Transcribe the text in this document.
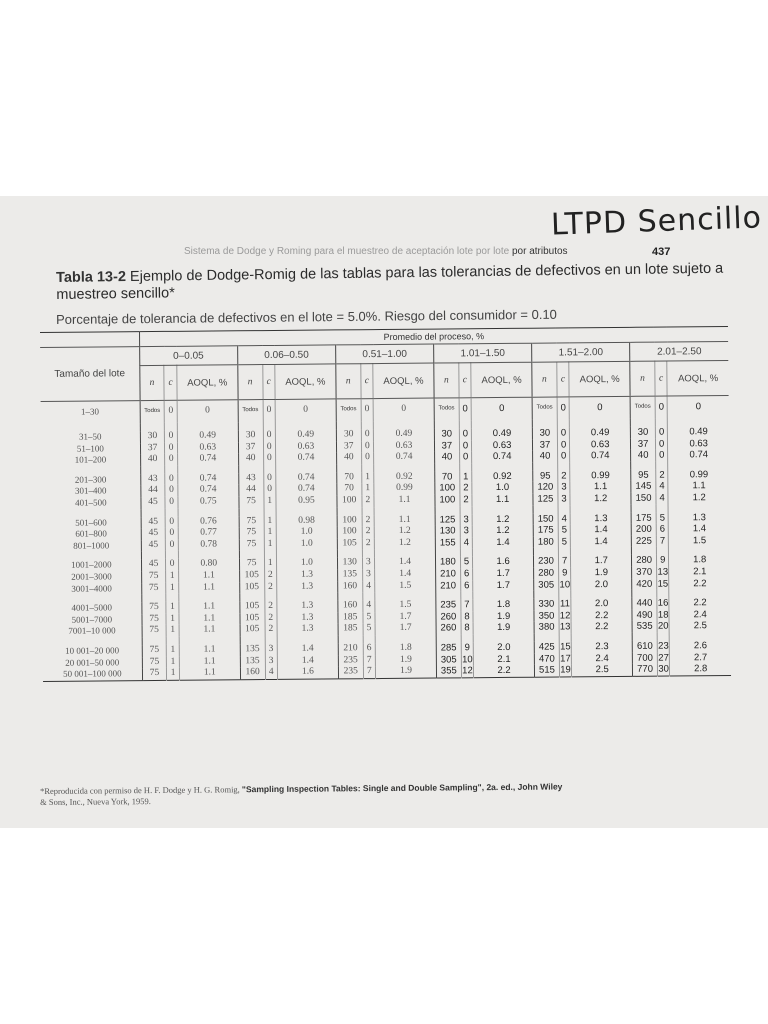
LTPD Sencillo
Sistema de Dodge y Roming para el muestreo de aceptación lote por lote por atributos	437
Tabla 13-2 Ejemplo de Dodge-Romig de las tablas para las tolerancias de defectivos en un lote sujeto a muestreo sencillo*
Porcentaje de tolerancia de defectivos en el lote = 5.0%. Riesgo del consumidor = 0.10
	Promedio del proceso, %																	
Tamaño del lote	0–0.05			0.06–0.50			0.51–1.00			1.01–1.50			1.51–2.00			2.01–2.50		
	n	c	AOQL, %	n	c	AOQL, %	n	c	AOQL, %	n	c	AOQL, %	n	c	AOQL, %	n	c	AOQL, %
1–30	Todos	0	0	Todos	0	0	Todos	0	0	Todos	0	0	Todos	0	0	Todos	0	0

31–50	30	0	0.49	30	0	0.49	30	0	0.49	30	0	0.49	30	0	0.49	30	0	0.49
51–100	37	0	0.63	37	0	0.63	37	0	0.63	37	0	0.63	37	0	0.63	37	0	0.63
101–200	40	0	0.74	40	0	0.74	40	0	0.74	40	0	0.74	40	0	0.74	40	0	0.74

201–300	43	0	0.74	43	0	0.74	70	1	0.92	70	1	0.92	95	2	0.99	95	2	0.99
301–400	44	0	0.74	44	0	0.74	70	1	0.99	100	2	1.0	120	3	1.1	145	4	1.1
401–500	45	0	0.75	75	1	0.95	100	2	1.1	100	2	1.1	125	3	1.2	150	4	1.2

501–600	45	0	0.76	75	1	0.98	100	2	1.1	125	3	1.2	150	4	1.3	175	5	1.3
601–800	45	0	0.77	75	1	1.0	100	2	1.2	130	3	1.2	175	5	1.4	200	6	1.4
801–1000	45	0	0.78	75	1	1.0	105	2	1.2	155	4	1.4	180	5	1.4	225	7	1.5

1001–2000	45	0	0.80	75	1	1.0	130	3	1.4	180	5	1.6	230	7	1.7	280	9	1.8
2001–3000	75	1	1.1	105	2	1.3	135	3	1.4	210	6	1.7	280	9	1.9	370	13	2.1
3001–4000	75	1	1.1	105	2	1.3	160	4	1.5	210	6	1.7	305	10	2.0	420	15	2.2

4001–5000	75	1	1.1	105	2	1.3	160	4	1.5	235	7	1.8	330	11	2.0	440	16	2.2
5001–7000	75	1	1.1	105	2	1.3	185	5	1.7	260	8	1.9	350	12	2.2	490	18	2.4
7001–10 000	75	1	1.1	105	2	1.3	185	5	1.7	260	8	1.9	380	13	2.2	535	20	2.5

10 001–20 000	75	1	1.1	135	3	1.4	210	6	1.8	285	9	2.0	425	15	2.3	610	23	2.6
20 001–50 000	75	1	1.1	135	3	1.4	235	7	1.9	305	10	2.1	470	17	2.4	700	27	2.7
50 001–100 000	75	1	1.1	160	4	1.6	235	7	1.9	355	12	2.2	515	19	2.5	770	30	2.8

*Reproducida con permiso de H. F. Dodge y H. G. Romig, "Sampling Inspection Tables: Single and Double Sampling", 2a. ed., John Wiley
& Sons, Inc., Nueva York, 1959.
